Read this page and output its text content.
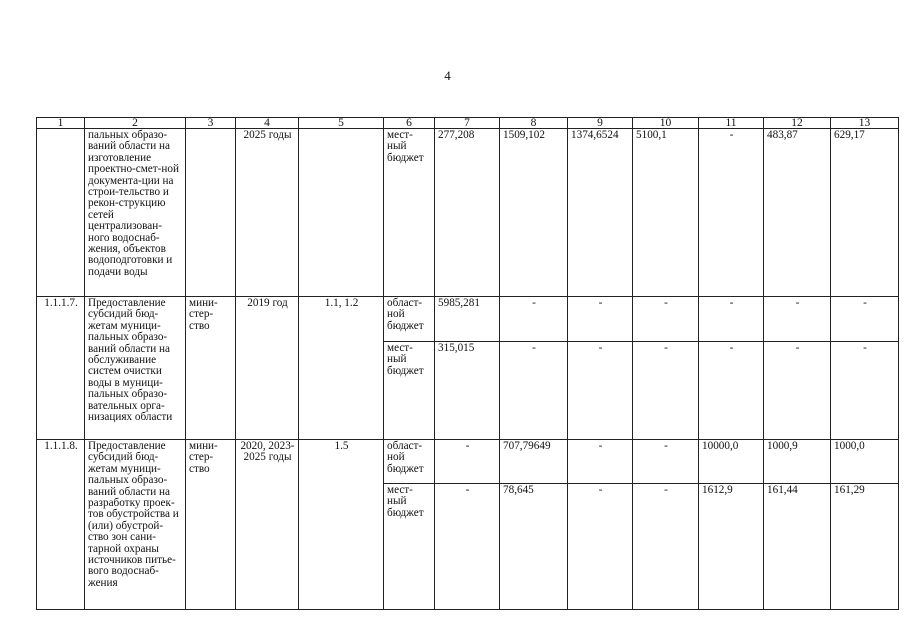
4
1	2	3	4	5	6	7	8	9	10	11	12	13
	пальных образо-ваний области на изготовление проектно-смет-ной документа-ции на строи-тельство и рекон-струкцию сетей централизован-ного водоснаб-жения, объектов водоподготовки и подачи воды		2025 годы		мест-ный бюджет	277,208	1509,102	1374,6524	5100,1	-	483,87	629,17
1.1.1.7.	Предоставление субсидий бюд-жетам муници-пальных образо-ваний области на обслуживание систем очистки воды в муници-пальных образо-вательных орга-низациях области	мини-стер-ство	2019 год	1.1, 1.2	област-ной бюджет	5985,281	-	-	-	-	-	-
					мест-ный бюджет	315,015	-	-	-	-	-	-
1.1.1.8.	Предоставление субсидий бюд-жетам муници-пальных образо-ваний области на разработку проек-тов обустройства и (или) обустрой-ство зон сани-тарной охраны источников питье-вого водоснаб-жения	мини-стер-ство	2020, 2023-2025 годы	1.5	област-ной бюджет	-	707,79649	-	-	10000,0	1000,9	1000,0
					мест-ный бюджет	-	78,645	-	-	1612,9	161,44	161,29
